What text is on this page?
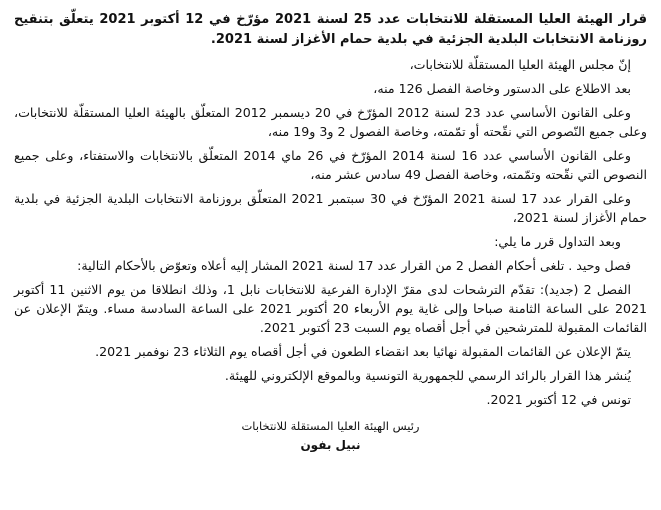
قرار الهيئة العليا المستقلة للانتخابات عدد 25 لسنة 2021 مؤرّخ في 12 أكتوبر 2021 يتعلّق بتنقيح روزنامة الانتخابات البلدية الجزئية في بلدية حمام الأغزاز لسنة 2021.

إنّ مجلس الهيئة العليا المستقلّة للانتخابات،

بعد الاطلاع على الدستور وخاصة الفصل 126 منه،

وعلى القانون الأساسي عدد 23 لسنة 2012 المؤرّخ في 20 ديسمبر 2012 المتعلّق بالهيئة العليا المستقلّة للانتخابات، وعلى جميع النّصوص التي نقّحته أو تمّمته، وخاصة الفصول 2 و3 و19 منه،

وعلى القانون الأساسي عدد 16 لسنة 2014 المؤرّخ في 26 ماي 2014 المتعلّق بالانتخابات والاستفتاء، وعلى جميع النصوص التي نقّحته وتمّمته، وخاصة الفصل 49 سادس عشر منه،

وعلى القرار عدد 17 لسنة 2021 المؤرّخ في 30 سبتمبر 2021 المتعلّق بروزنامة الانتخابات البلدية الجزئية في بلدية حمام الأغزاز لسنة 2021،

وبعد التداول قرر ما يلي:

فصل وحيد . تلغى أحكام الفصل 2 من القرار عدد 17 لسنة 2021 المشار إليه أعلاه وتعوّض بالأحكام التالية:

الفصل 2 (جديد): تقدّم الترشحات لدى مقرّ الإدارة الفرعية للانتخابات نابل 1، وذلك انطلاقا من يوم الاثنين 11 أكتوبر 2021 على الساعة الثامنة صباحا وإلى غاية يوم الأربعاء 20 أكتوبر 2021 على الساعة السادسة مساء. ويتمّ الإعلان عن القائمات المقبولة للمترشحين في أجل أقصاه يوم السبت 23 أكتوبر 2021.

يتمّ الإعلان عن القائمات المقبولة نهائيا بعد انقضاء الطعون في أجل أقصاه يوم الثلاثاء 23 نوفمبر 2021.

يُنشر هذا القرار بالرائد الرسمي للجمهورية التونسية وبالموقع الإلكتروني للهيئة.

تونس في 12 أكتوبر 2021.

رئيس الهيئة العليا المستقلة للانتخابات
نبيل بفون
